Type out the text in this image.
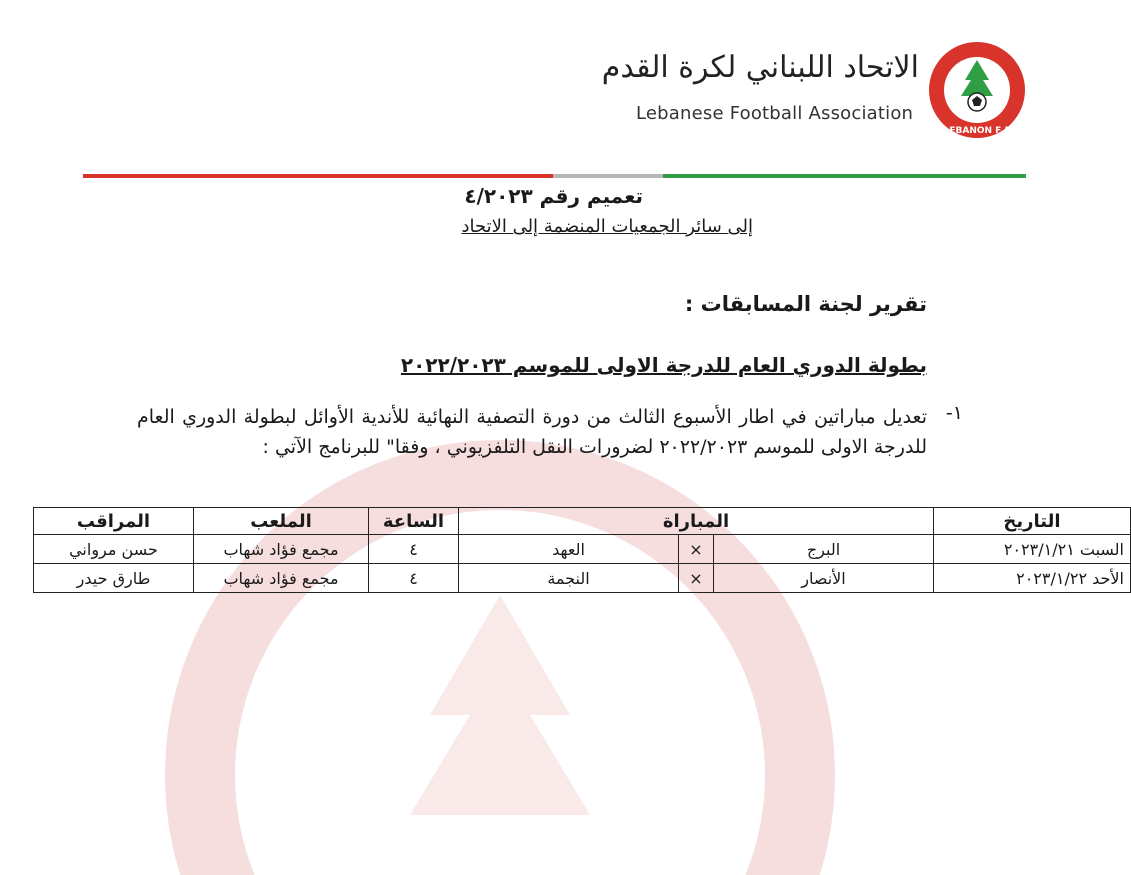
LEBANON F.A
الاتحاد اللبناني لكرة القدم
Lebanese Football Association
تعميم رقم ٤/٢٠٢٣
إلى سائر الجمعيات المنضمة إلى الاتحاد
تقرير لجنة المسابقات :
بطولة الدوري العام للدرجة الاولى للموسم ٢٠٢٢/٢٠٢٣
١-
تعديل مباراتين في اطار الأسبوع الثالث من دورة التصفية النهائية للأندية الأوائل لبطولة الدوري العام للدرجة الاولى للموسم ٢٠٢٢/٢٠٢٣ لضرورات النقل التلفزيوني ، وفقا" للبرنامج الآتي :
التاريخ	المباراة			الساعة	الملعب	المراقب
السبت ٢٠٢٣/١/٢١	البرج	×	العهد	٤	مجمع فؤاد شهاب	حسن مرواني
الأحد ٢٠٢٣/١/٢٢	الأنصار	×	النجمة	٤	مجمع فؤاد شهاب	طارق حيدر
